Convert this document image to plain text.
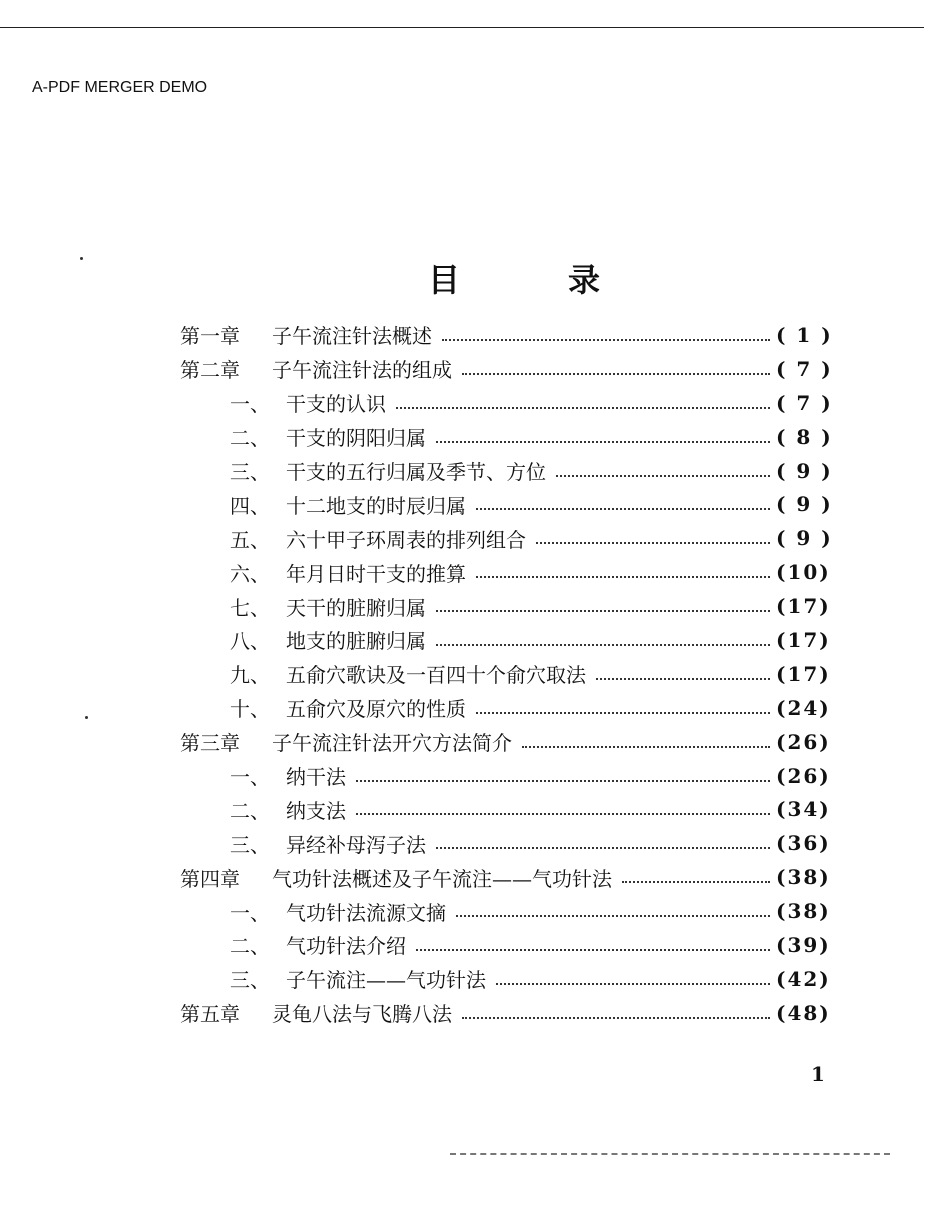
A-PDF MERGER DEMO
目	录
第一章	子午流注针法概述	( 1 )
第二章	子午流注针法的组成	( 7 )
一、 干支的认识	( 7 )
二、 干支的阴阳归属	( 8 )
三、 干支的五行归属及季节、方位	( 9 )
四、 十二地支的时辰归属	( 9 )
五、 六十甲子环周表的排列组合	( 9 )
六、 年月日时干支的推算	(10)
七、 天干的脏腑归属	(17)
八、 地支的脏腑归属	(17)
九、 五俞穴歌诀及一百四十个俞穴取法	(17)
十、 五俞穴及原穴的性质	(24)
第三章	子午流注针法开穴方法简介	(26)
一、 纳干法	(26)
二、 纳支法	(34)
三、 异经补母泻子法	(36)
第四章	气功针法概述及子午流注——气功针法	(38)
一、 气功针法流源文摘	(38)
二、 气功针法介绍	(39)
三、 子午流注——气功针法	(42)
第五章	灵龟八法与飞腾八法	(48)
1
